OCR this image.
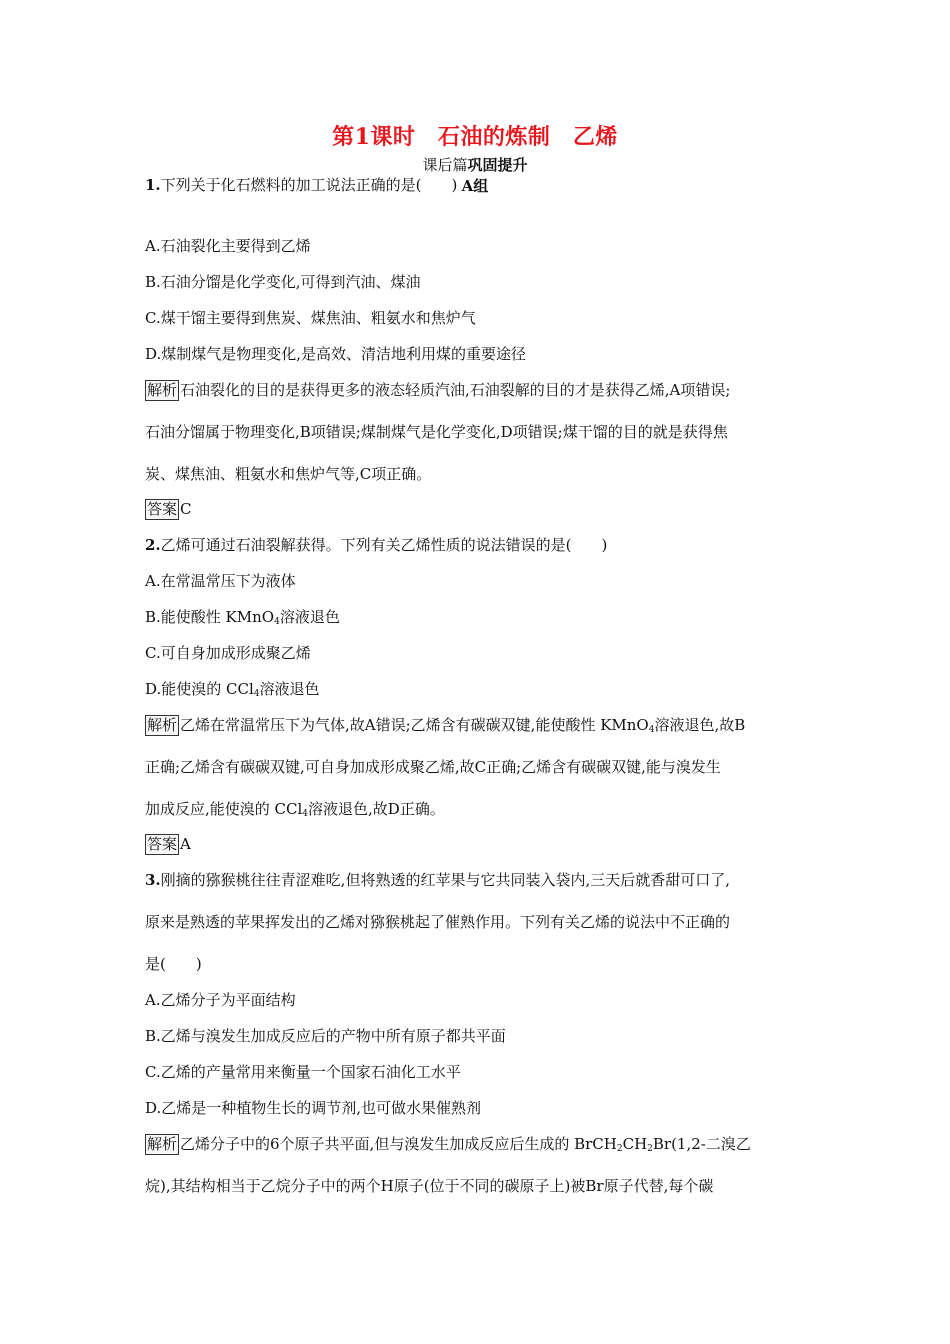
第1课时　石油的炼制　乙烯
课后篇巩固提升
A组
1.下列关于化石燃料的加工说法正确的是(　　)
A.石油裂化主要得到乙烯
B.石油分馏是化学变化,可得到汽油、煤油
C.煤干馏主要得到焦炭、煤焦油、粗氨水和焦炉气
D.煤制煤气是物理变化,是高效、清洁地利用煤的重要途径
解析 石油裂化的目的是获得更多的液态轻质汽油,石油裂解的目的才是获得乙烯,A项错误;
石油分馏属于物理变化,B项错误;煤制煤气是化学变化,D项错误;煤干馏的目的就是获得焦
炭、煤焦油、粗氨水和焦炉气等,C项正确。
答案 C
2.乙烯可通过石油裂解获得。下列有关乙烯性质的说法错误的是(　　)
A.在常温常压下为液体
B.能使酸性 KMnO$_4$溶液退色
C.可自身加成形成聚乙烯
D.能使溴的 CCl$_4$溶液退色
解析 乙烯在常温常压下为气体,故A错误;乙烯含有碳碳双键,能使酸性 KMnO$_4$溶液退色,故B
正确;乙烯含有碳碳双键,可自身加成形成聚乙烯,故C正确;乙烯含有碳碳双键,能与溴发生
加成反应,能使溴的 CCl$_4$溶液退色,故D正确。
答案 A
3.刚摘的猕猴桃往往青涩难吃,但将熟透的红苹果与它共同装入袋内,三天后就香甜可口了,
原来是熟透的苹果挥发出的乙烯对猕猴桃起了催熟作用。下列有关乙烯的说法中不正确的
是(　　)
A.乙烯分子为平面结构
B.乙烯与溴发生加成反应后的产物中所有原子都共平面
C.乙烯的产量常用来衡量一个国家石油化工水平
D.乙烯是一种植物生长的调节剂,也可做水果催熟剂
解析 乙烯分子中的6个原子共平面,但与溴发生加成反应后生成的 $BrCH_2CH_2Br(1,2-$二溴乙
烷),其结构相当于乙烷分子中的两个H原子(位于不同的碳原子上)被Br原子代替,每个碳
